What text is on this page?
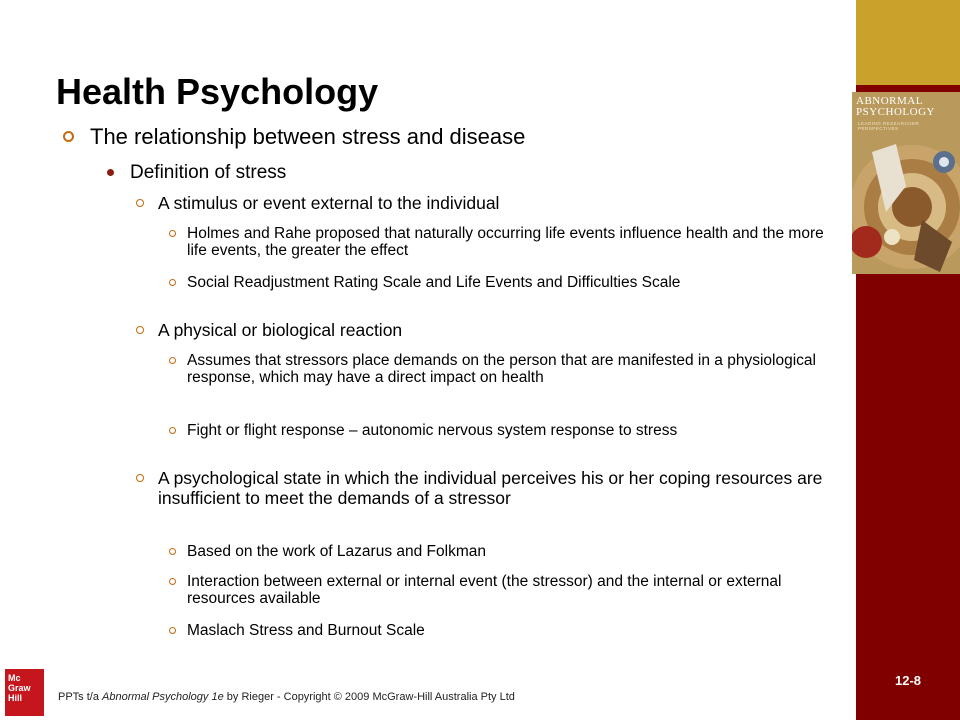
ABNORMAL
PSYCHOLOGY
LEADING RESEARCHER PERSPECTIVES
12-8
Health Psychology
The relationship between stress and disease
Definition of stress
A stimulus or event external to the individual
Holmes and Rahe proposed that naturally occurring life events influence health and the more life events, the greater the effect
Social Readjustment Rating Scale and Life Events and Difficulties Scale
A physical or biological reaction
Assumes that stressors place demands on the person that are manifested in a physiological response, which may have a direct impact on health
Fight or flight response – autonomic nervous system response to stress
A psychological state in which the individual perceives his or her coping resources are insufficient to meet the demands of a stressor
Based on the work of Lazarus and Folkman
Interaction between external or internal event (the stressor) and the internal or external resources available
Maslach Stress and Burnout Scale
Mc
Graw
Hill	PPTs t/a Abnormal Psychology 1e by Rieger - Copyright © 2009 McGraw-Hill Australia Pty Ltd
